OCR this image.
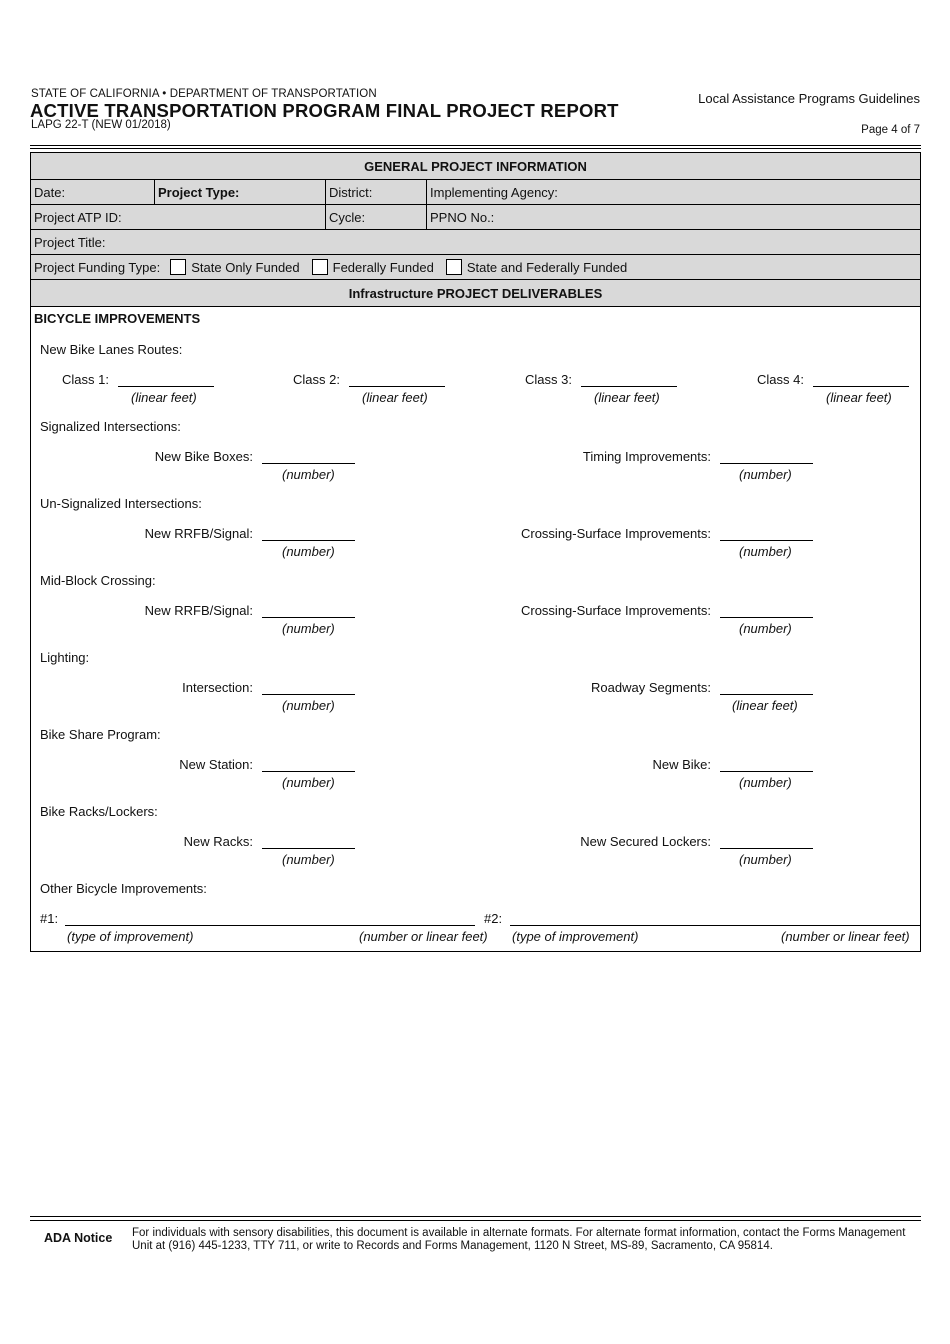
STATE OF CALIFORNIA • DEPARTMENT OF TRANSPORTATION
ACTIVE TRANSPORTATION PROGRAM FINAL PROJECT REPORT
LAPG 22-T (NEW 01/2018)
Local Assistance Programs Guidelines
Page 4 of 7
GENERAL PROJECT INFORMATION
Date:	Project Type:	District:	Implementing Agency:
Project ATP ID:	Cycle:	PPNO No.:
Project Title:
Project Funding Type: State Only Funded	Federally Funded	State and Federally Funded
Infrastructure PROJECT DELIVERABLES
BICYCLE IMPROVEMENTS
New Bike Lanes Routes:
Class 1:
(linear feet)
Class 2:
(linear feet)
Class 3:
(linear feet)
Class 4:
(linear feet)
Signalized Intersections:
New Bike Boxes:
(number)
Timing Improvements:
(number)
Un-Signalized Intersections:
New RRFB/Signal:
(number)
Crossing-Surface Improvements:
(number)
Mid-Block Crossing:
New RRFB/Signal:
(number)
Crossing-Surface Improvements:
(number)
Lighting:
Intersection:
(number)
Roadway Segments:
(linear feet)
Bike Share Program:
New Station:
(number)
New Bike:
(number)
Bike Racks/Lockers:
New Racks:
(number)
New Secured Lockers:
(number)
Other Bicycle Improvements:
#1:
(type of improvement)	(number or linear feet)
#2:
(type of improvement)	(number or linear feet)
ADA Notice For individuals with sensory disabilities, this document is available in alternate formats. For alternate format information, contact the Forms Management Unit at (916) 445-1233, TTY 711, or write to Records and Forms Management, 1120 N Street, MS-89, Sacramento, CA 95814.
